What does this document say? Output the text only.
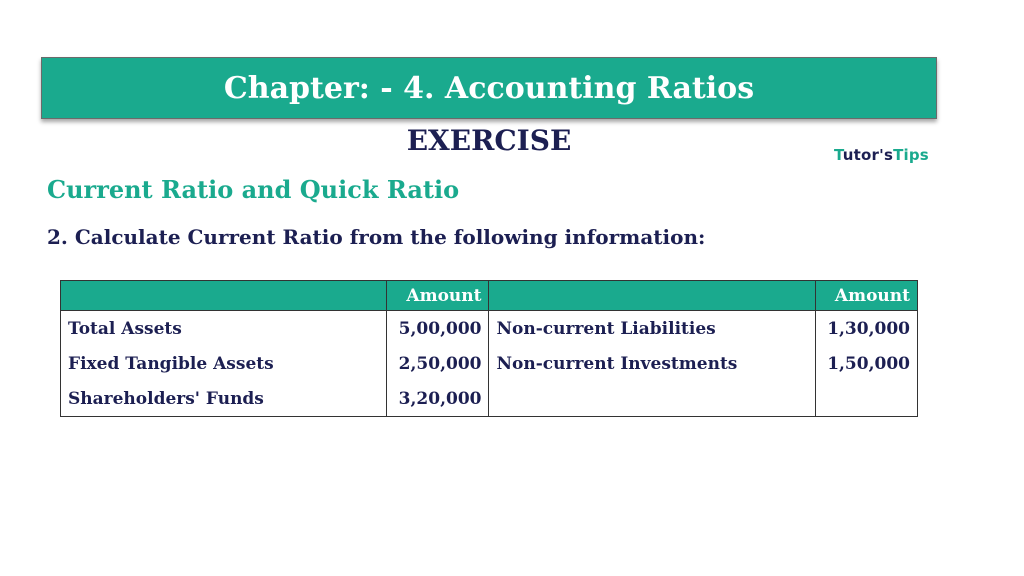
Chapter: - 4. Accounting Ratios
EXERCISE	Tutor'sTips
Current Ratio and Quick Ratio
2. Calculate Current Ratio from the following information:
	Amount		Amount
Total Assets	5,00,000	Non-current Liabilities	1,30,000
Fixed Tangible Assets	2,50,000	Non-current Investments	1,50,000
Shareholders' Funds	3,20,000		
